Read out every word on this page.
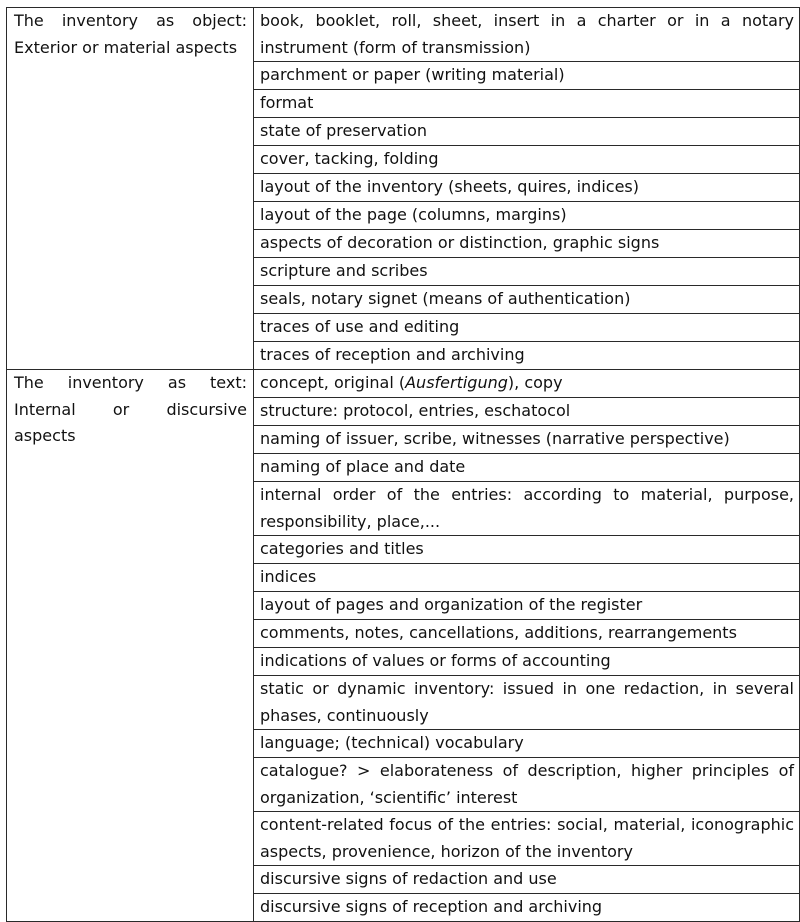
The inventory as object: Exterior or material aspects	book, booklet, roll, sheet, insert in a charter or in a notary instrument (form of transmission)
	parchment or paper (writing material)
	format
	state of preservation
	cover, tacking, folding
	layout of the inventory (sheets, quires, indices)
	layout of the page (columns, margins)
	aspects of decoration or distinction, graphic signs
	scripture and scribes
	seals, notary signet (means of authentication)
	traces of use and editing
	traces of reception and archiving
The inventory as text: Internal or discursive aspects	concept, original (Ausfertigung), copy
	structure: protocol, entries, eschatocol
	naming of issuer, scribe, witnesses (narrative perspective)
	naming of place and date
	internal order of the entries: according to material, purpose, responsibility, place,...
	categories and titles
	indices
	layout of pages and organization of the register
	comments, notes, cancellations, additions, rearrangements
	indications of values or forms of accounting
	static or dynamic inventory: issued in one redaction, in several phases, continuously
	language; (technical) vocabulary
	catalogue? > elaborateness of description, higher principles of organization, ‘scientific’ interest
	content-related focus of the entries: social, material, iconographic aspects, provenience, horizon of the inventory
	discursive signs of redaction and use
	discursive signs of reception and archiving
